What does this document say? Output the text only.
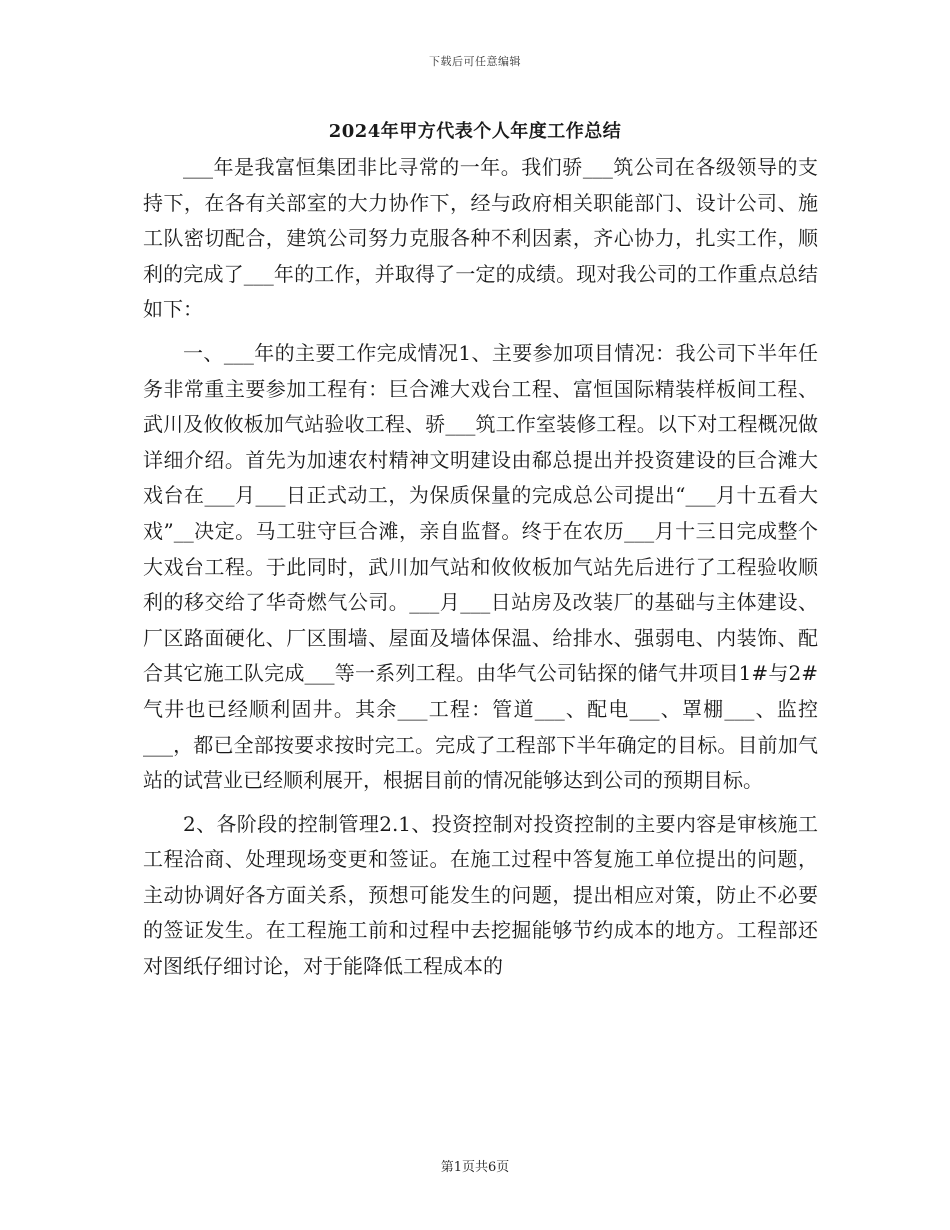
下载后可任意编辑
2024年甲方代表个人年度工作总结

___年是我富恒集团非比寻常的一年。我们骄___筑公司在各级领导的支持下，在各有关部室的大力协作下，经与政府相关职能部门、设计公司、施工队密切配合，建筑公司努力克服各种不利因素，齐心协力，扎实工作，顺利的完成了___年的工作，并取得了一定的成绩。现对我公司的工作重点总结如下：

一、___年的主要工作完成情况1、主要参加项目情况：我公司下半年任务非常重主要参加工程有：巨合滩大戏台工程、富恒国际精装样板间工程、武川及攸攸板加气站验收工程、骄___筑工作室装修工程。以下对工程概况做详细介绍。首先为加速农村精神文明建设由郗总提出并投资建设的巨合滩大戏台在___月___日正式动工，为保质保量的完成总公司提出“___月十五看大戏”__决定。马工驻守巨合滩，亲自监督。终于在农历___月十三日完成整个大戏台工程。于此同时，武川加气站和攸攸板加气站先后进行了工程验收顺利的移交给了华奇燃气公司。___月___日站房及改装厂的基础与主体建设、厂区路面硬化、厂区围墙、屋面及墙体保温、给排水、强弱电、内装饰、配合其它施工队完成___等一系列工程。由华气公司钻探的储气井项目1#与2#气井也已经顺利固井。其余___工程：管道___、配电___、罩棚___、监控___，都已全部按要求按时完工。完成了工程部下半年确定的目标。目前加气站的试营业已经顺利展开，根据目前的情况能够达到公司的预期目标。

2、各阶段的控制管理2.1、投资控制对投资控制的主要内容是审核施工工程洽商、处理现场变更和签证。在施工过程中答复施工单位提出的问题，主动协调好各方面关系，预想可能发生的问题，提出相应对策，防止不必要的签证发生。在工程施工前和过程中去挖掘能够节约成本的地方。工程部还对图纸仔细讨论，对于能降低工程成本的

第1页共6页
